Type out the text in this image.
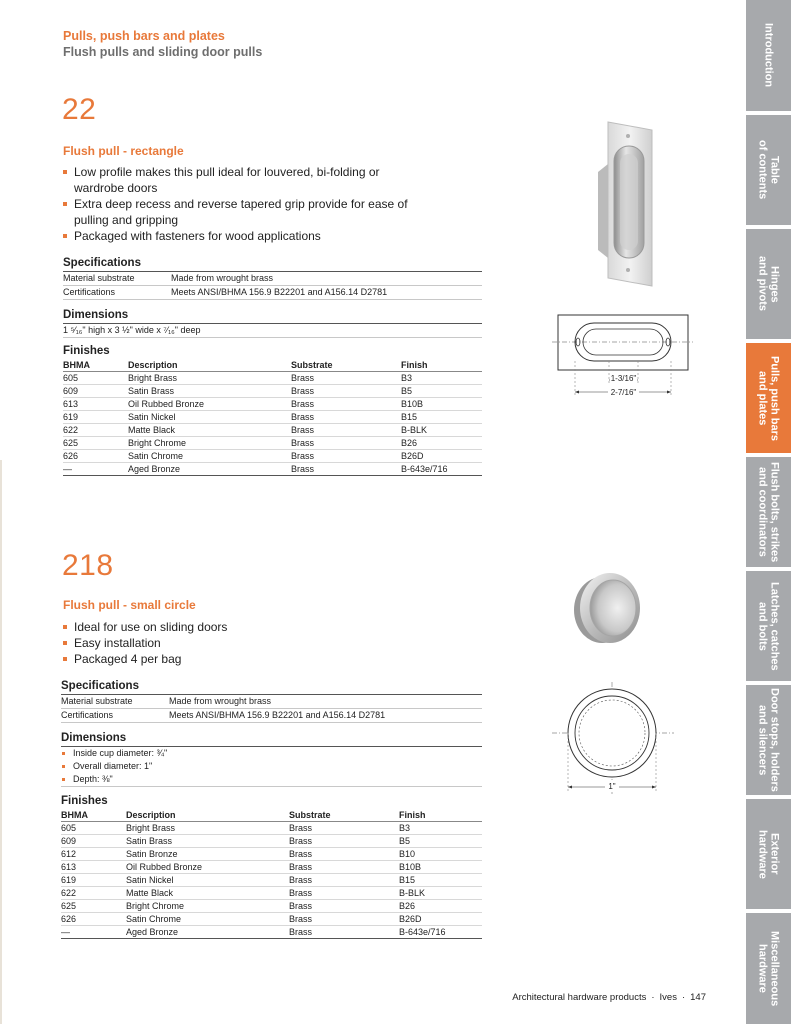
Pulls, push bars and plates
Flush pulls and sliding door pulls
22
Flush pull - rectangle
Low profile makes this pull ideal for louvered, bi-folding or wardrobe doors
Extra deep recess and reverse tapered grip provide for ease of pulling and gripping
Packaged with fasteners for wood applications
Specifications
Material substrate	Made from wrought brass
Certifications	Meets ANSI/BHMA 156.9 B22201 and A156.14 D2781
Dimensions
1 ⁵⁄₁₆" high x 3 ½" wide x ⁷⁄₁₆" deep
Finishes
BHMA	Description	Substrate	Finish
605	Bright Brass	Brass	B3
609	Satin Brass	Brass	B5
613	Oil Rubbed Bronze	Brass	B10B
619	Satin Nickel	Brass	B15
622	Matte Black	Brass	B-BLK
625	Bright Chrome	Brass	B26
626	Satin Chrome	Brass	B26D
—	Aged Bronze	Brass	B-643e/716
1-3/16"
2-7/16"
218
Flush pull - small circle
Ideal for use on sliding doors
Easy installation
Packaged 4 per bag
Specifications
Material substrate	Made from wrought brass
Certifications	Meets ANSI/BHMA 156.9 B22201 and A156.14 D2781
Dimensions
Inside cup diameter: ¾"
Overall diameter: 1"
Depth: ⅜"
Finishes
BHMA	Description	Substrate	Finish
605	Bright Brass	Brass	B3
609	Satin Brass	Brass	B5
612	Satin Bronze	Brass	B10
613	Oil Rubbed Bronze	Brass	B10B
619	Satin Nickel	Brass	B15
622	Matte Black	Brass	B-BLK
625	Bright Chrome	Brass	B26
626	Satin Chrome	Brass	B26D
—	Aged Bronze	Brass	B-643e/716
1"
Introduction
Table
of contents
Hinges
and pivots
Pulls, push bars
and plates
Flush bolts, strikes
and coordinators
Latches, catches
and bolts
Door stops, holders
and silencers
Exterior
hardware
Miscellaneous
hardware
Architectural hardware products · Ives · 147
